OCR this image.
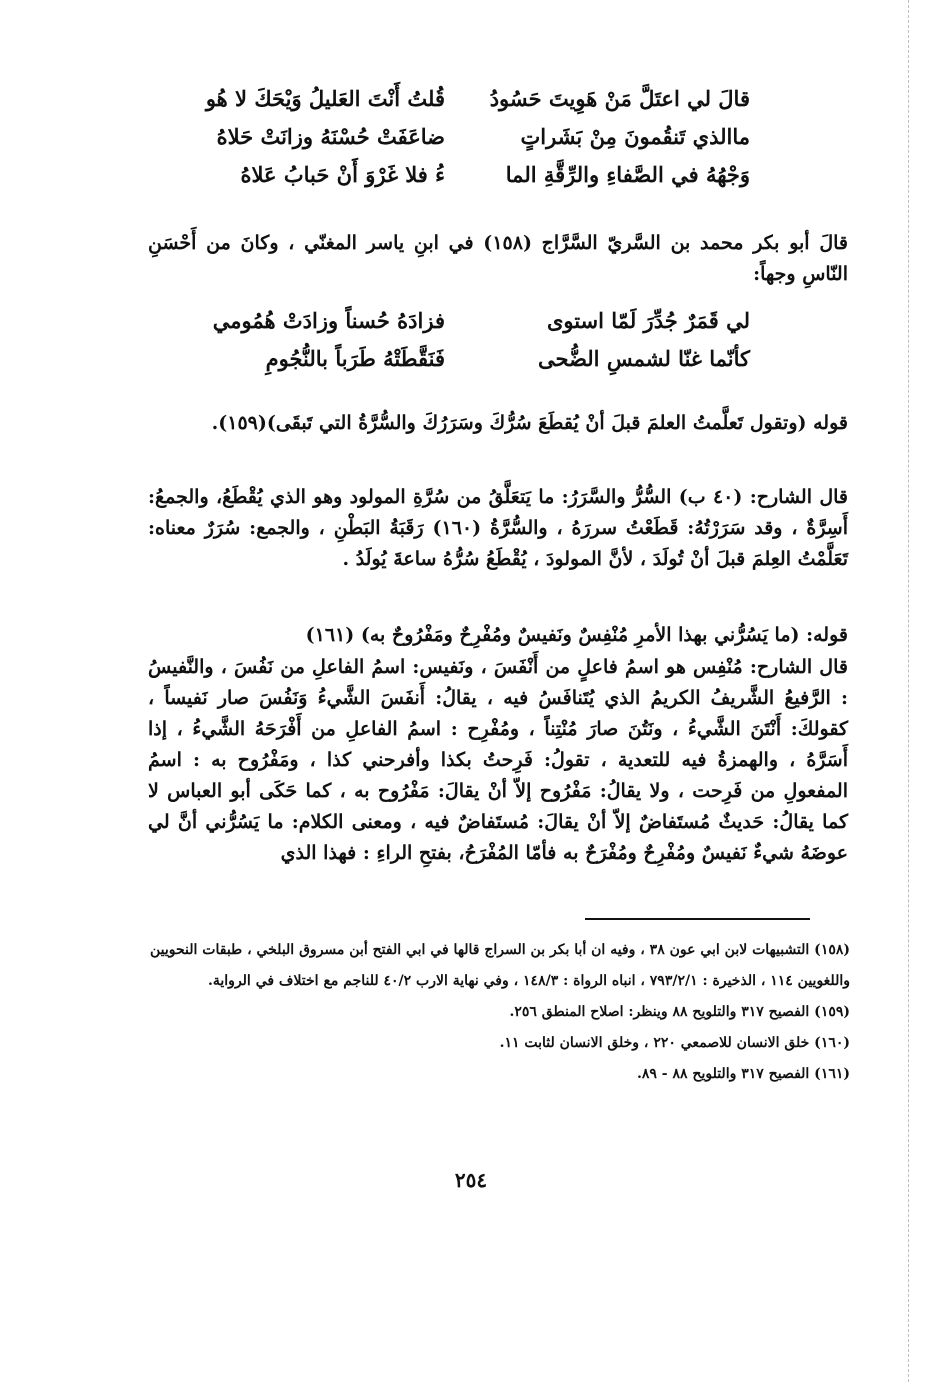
قالَ لي اعتَلَّ مَنْ هَوِيتَ حَسُودُ
قُلتُ أَنْتَ العَليلُ وَيْحَكَ لا هُو
ماالذي تَنقُمونَ مِنْ بَشَراتٍ
ضاعَفَتْ حُسْنَهُ وزانَتْ حَلاهُ
وَجْهُهُ في الصَّفاءِ والرِّقَّةِ الما
ءُ فلا غَرْوَ أَنْ حَبابُ عَلاهُ
قالَ أبو بكر محمد بن السَّريّ السَّرَّاج (١٥٨) في ابنِ ياسر المغنّي ، وكانَ من أَحْسَنِ النّاسِ وجهاً:
لي قَمَرٌ جُدِّرَ لَمّا استوى
فزادَهُ حُسناً وزادَتْ هُمُومي
كأنّما غنّا لشمسِ الضُّحى
فَنَقَّطَتْهُ طَرَباً بالنُّجُومِ
قوله (وتقول تَعلَّمتُ العلمَ قبلَ أنْ يُقطَعَ سُرُّكَ وسَرَرُكَ والسُّرَّةُ التي تَبقَى)(١٥٩).
قال الشارح: (٤٠ ب) السُّرُّ والسَّرَرُ: ما يَتعَلَّقُ من سُرَّةِ المولود وهو الذي يُقْطَعُ، والجمعُ: أَسِرَّةٌ ، وقد سَرَرْتُهُ: قَطَعْتُ سررَهُ ، والسُّرَّةُ (١٦٠) رَقَبَةُ البَطْنِ ، والجمع: سُرَرٌ معناه: تَعَلَّمْتُ العِلمَ قبلَ أنْ تُولَدَ ، لأنَّ المولودَ ، يُقْطَعُ سُرُّهُ ساعةَ يُولَدُ .
قوله: (ما يَسُرُّني بهذا الأمرِ مُنْفِسٌ ونَفيسٌ ومُفْرِحٌ ومَفْرُوحٌ به) (١٦١)
قال الشارح: مُنْفِس هو اسمُ فاعلٍ من أَنْفَسَ ، ونَفيس: اسمُ الفاعلِ من نَفُسَ ، والنَّفيسُ : الرَّفيعُ الشَّريفُ الكريمُ الذي يُتَنافَسُ فيه ، يقالُ: أَنفَسَ الشَّيءُ وَنَفُسَ صار نَفيساً ، كقولكَ: أَنْتَنَ الشَّيءُ ، ونَتُنَ صارَ مُنْتِناً ، ومُفْرِح : اسمُ الفاعلِ من أَفْرَحَهُ الشَّيءُ ، إذا أَسَرَّهُ ، والهمزةُ فيه للتعدية ، تقولُ: فَرِحتُ بكذا وأفرحني كذا ، ومَفْرُوح به : اسمُ المفعولِ من فَرِحت ، ولا يقالُ: مَفْرُوح إلاّ أنْ يقالَ: مَفْرُوح به ، كما حَكَى أبو العباس لا كما يقالُ: حَديثٌ مُستَفاضٌ إلاّ أنْ يقالَ: مُستَفاضٌ فيه ، ومعنى الكلام: ما يَسُرُّني أنَّ لي عوضَهُ شيءٌ نَفيسٌ ومُفْرِحٌ ومُفْرَحٌ به فأمّا المُفْرَحُ، بفتحِ الراءِ : فهذا الذي

(١٥٨) التشبيهات لابن ابي عون ٣٨ ، وفيه ان أبا بكر بن السراج قالها في ابي الفتح أبن مسروق البلخي ، طبقات النحويين واللغويين ١١٤ ، الذخيرة : ٧٩٣/٢/١ ، انباه الرواة : ١٤٨/٣ ، وفي نهاية الارب ٤٠/٢ للناجم مع اختلاف في الرواية.

(١٥٩) الفصيح ٣١٧ والتلويح ٨٨ وينظر: اصلاح المنطق ٢٥٦.

(١٦٠) خلق الانسان للاصمعي ٢٢٠ ، وخلق الانسان لثابت ١١.

(١٦١) الفصيح ٣١٧ والتلويح ٨٨ - ٨٩.

٢٥٤
